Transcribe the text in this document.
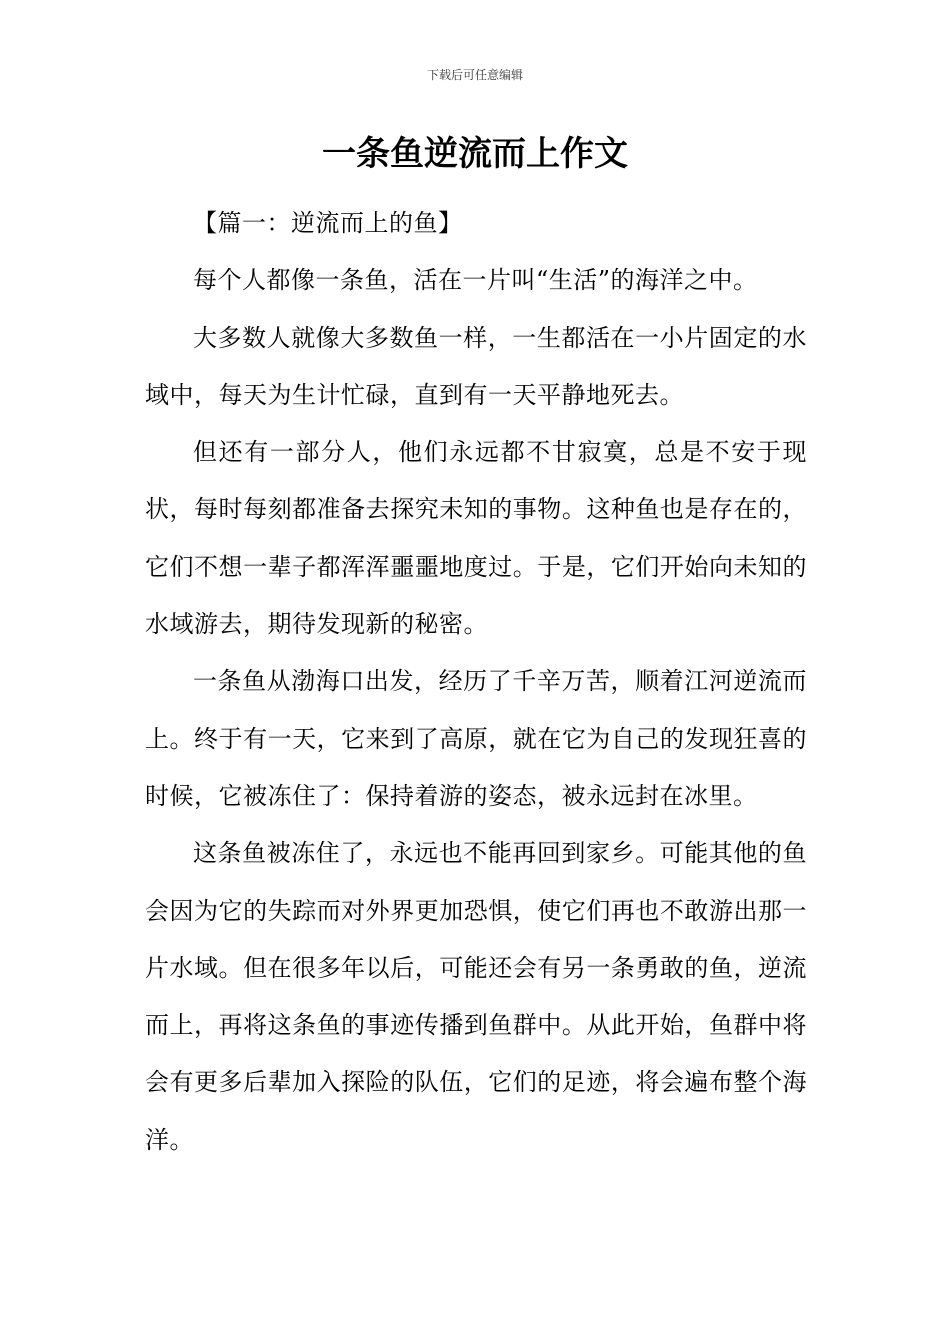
下载后可任意编辑
一条鱼逆流而上作文

【篇一：逆流而上的鱼】

每个人都像一条鱼，活在一片叫“生活”的海洋之中。

大多数人就像大多数鱼一样，一生都活在一小片固定的水域中，每天为生计忙碌，直到有一天平静地死去。

但还有一部分人，他们永远都不甘寂寞，总是不安于现状，每时每刻都准备去探究未知的事物。这种鱼也是存在的，它们不想一辈子都浑浑噩噩地度过。于是，它们开始向未知的水域游去，期待发现新的秘密。

一条鱼从渤海口出发，经历了千辛万苦，顺着江河逆流而上。终于有一天，它来到了高原，就在它为自己的发现狂喜的时候，它被冻住了：保持着游的姿态，被永远封在冰里。

这条鱼被冻住了，永远也不能再回到家乡。可能其他的鱼会因为它的失踪而对外界更加恐惧，使它们再也不敢游出那一片水域。但在很多年以后，可能还会有另一条勇敢的鱼，逆流而上，再将这条鱼的事迹传播到鱼群中。从此开始，鱼群中将会有更多后辈加入探险的队伍，它们的足迹，将会遍布整个海洋。
